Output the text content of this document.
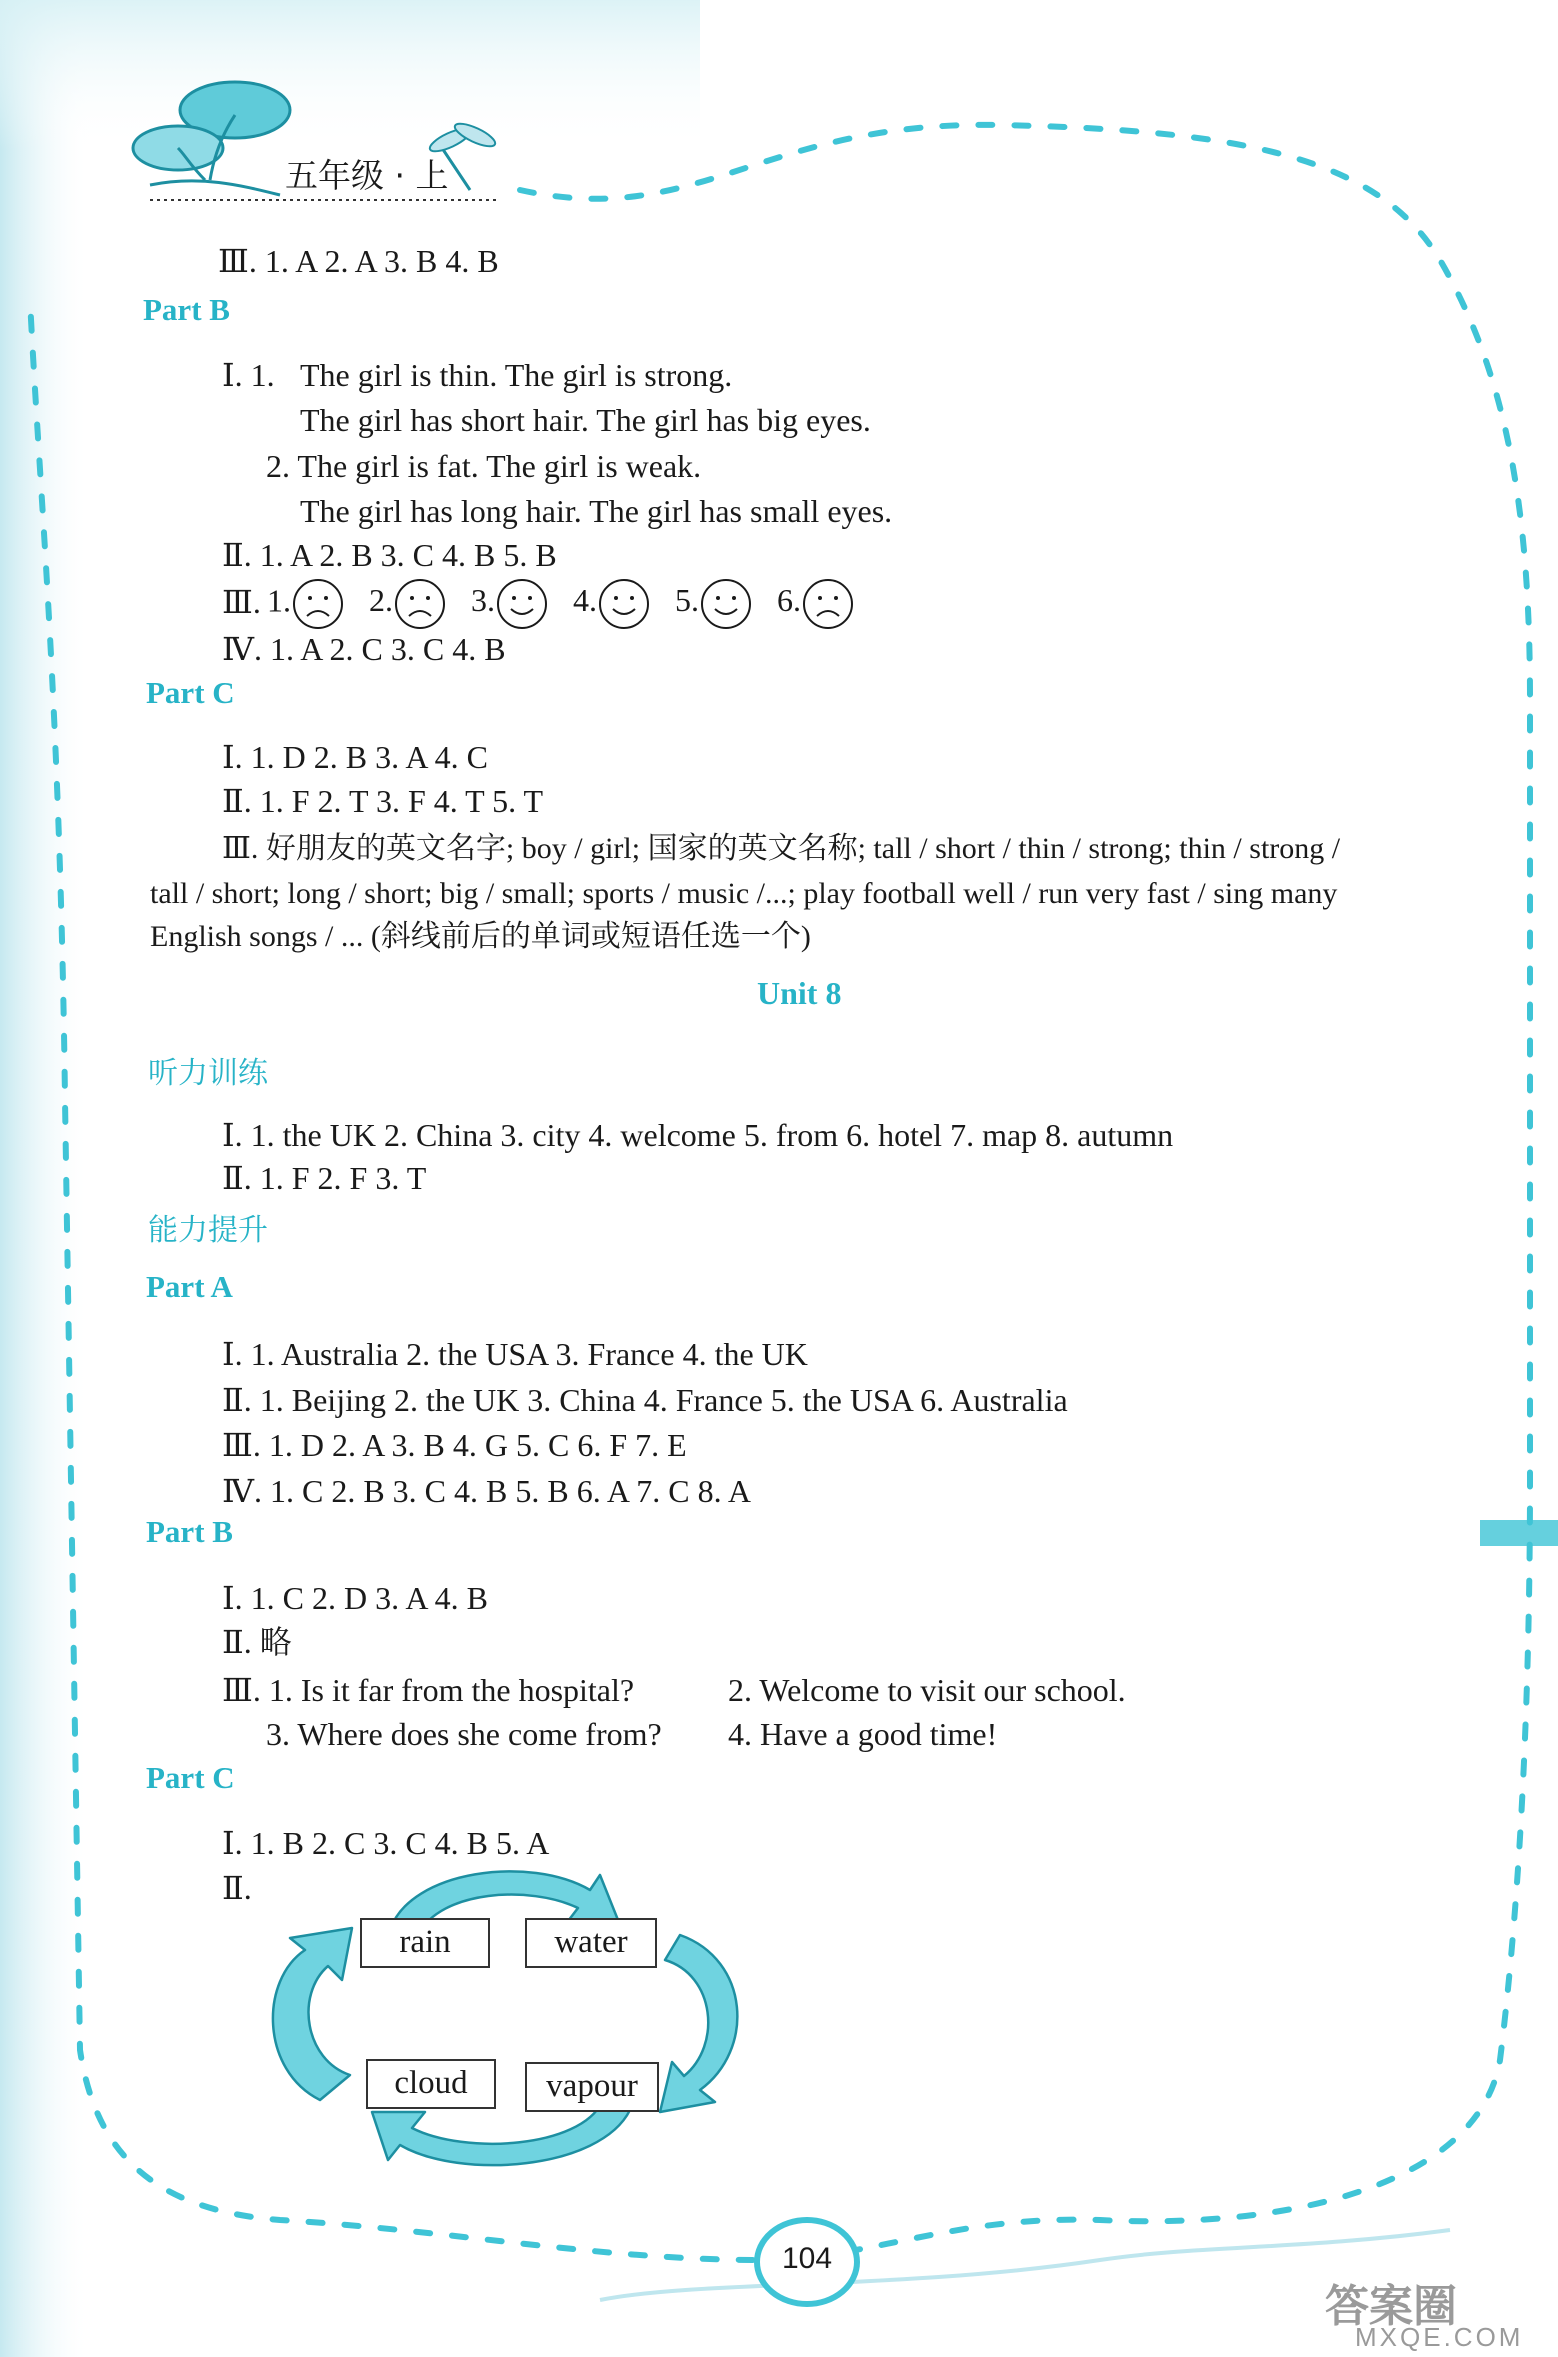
五年级 · 上
Ⅲ. 1. A 2. A 3. B 4. B
Part B
Ⅰ. 1. The girl is thin. The girl is strong.
The girl has short hair. The girl has big eyes.
2. The girl is fat. The girl is weak.
The girl has long hair. The girl has small eyes.
Ⅱ. 1. A 2. B 3. C 4. B 5. B
Ⅲ. 1. 2. 3. 4. 5. 6.
Ⅳ. 1. A 2. C 3. C 4. B
Part C
Ⅰ. 1. D 2. B 3. A 4. C
Ⅱ. 1. F 2. T 3. F 4. T 5. T
Ⅲ. 好朋友的英文名字; boy / girl; 国家的英文名称; tall / short / thin / strong; thin / strong /
tall / short; long / short; big / small; sports / music /...; play football well / run very fast / sing many
English songs / ... (斜线前后的单词或短语任选一个)
Unit 8
听力训练
Ⅰ. 1. the UK 2. China 3. city 4. welcome 5. from 6. hotel 7. map 8. autumn
Ⅱ. 1. F 2. F 3. T
能力提升
Part A
Ⅰ. 1. Australia 2. the USA 3. France 4. the UK
Ⅱ. 1. Beijing 2. the UK 3. China 4. France 5. the USA 6. Australia
Ⅲ. 1. D 2. A 3. B 4. G 5. C 6. F 7. E
Ⅳ. 1. C 2. B 3. C 4. B 5. B 6. A 7. C 8. A
Part B
Ⅰ. 1. C 2. D 3. A 4. B
Ⅱ. 略
Ⅲ. 1. Is it far from the hospital?	2. Welcome to visit our school.
3. Where does she come from? 4. Have a good time!
Part C
Ⅰ. 1. B 2. C 3. C 4. B 5. A
Ⅱ.
rain	water
cloud	vapour
104
答案圈
MXQE.COM
